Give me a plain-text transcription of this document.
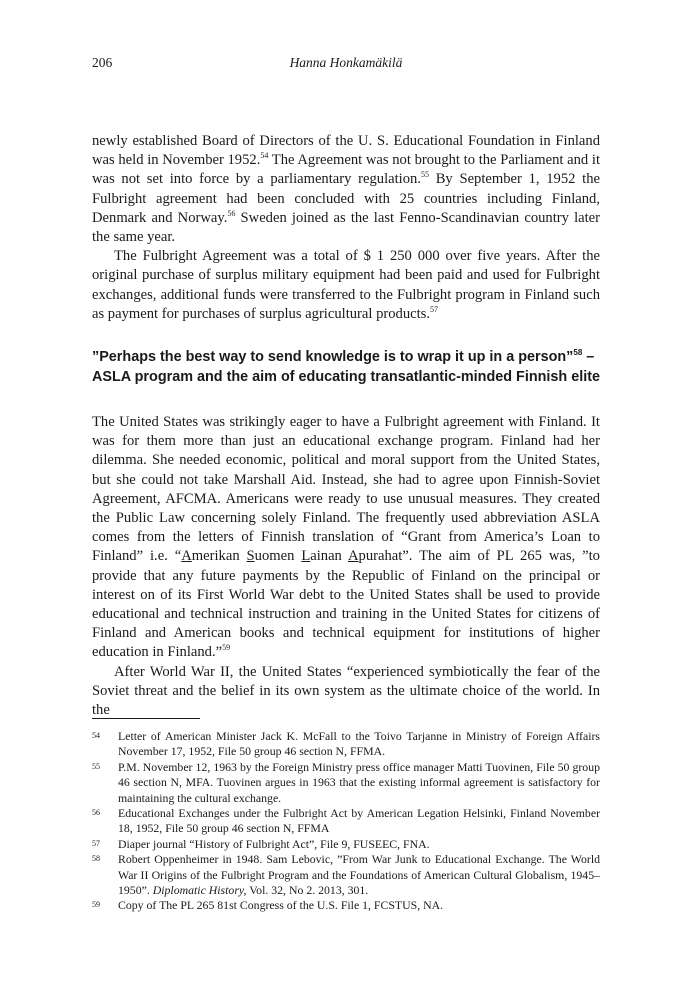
206	Hanna Honkamäkilä

newly established Board of Directors of the U. S. Educational Foundation in Finland was held in November 1952.54 The Agreement was not brought to the Parliament and it was not set into force by a parliamentary regulation.$^{55}$ By September 1, 1952 the Fulbright agreement had been concluded with 25 countries including Finland, Denmark and Norway.$^{56}$ Sweden joined as the last Fenno-Scandinavian country later the same year.

The Fulbright Agreement was a total of $ 1 250 000 over five years. After the original purchase of surplus military equipment had been paid and used for Fulbright exchanges, additional funds were transferred to the Fulbright program in Finland such as payment for purchases of surplus agricultural products.$^{57}$

”Perhaps the best way to send knowledge is to wrap it up in a person”$^{58}$ –
ASLA program and the aim of educating transatlantic-minded Finnish elite

The United States was strikingly eager to have a Fulbright agreement with Finland. It was for them more than just an educational exchange program. Finland had her dilemma. She needed economic, political and moral support from the United States, but she could not take Marshall Aid. Instead, she had to agree upon Finnish-Soviet Agreement, AFCMA. Americans were ready to use unusual measures. They created the Public Law concerning solely Finland. The frequently used abbreviation ASLA comes from the letters of Finnish translation of “Grant from America’s Loan to Finland” i.e. “Amerikan Suomen Lainan Apurahat”. The aim of PL 265 was, ”to provide that any future payments by the Republic of Finland on the principal or interest on of its First World War debt to the United States shall be used to provide educational and technical instruction and training in the United States for citizens of Finland and American books and technical equipment for institutions of higher education in Finland.”$^{59}$

After World War II, the United States “experienced symbiotically the fear of the Soviet threat and the belief in its own system as the ultimate choice of the world. In the

54 Letter of American Minister Jack K. McFall to the Toivo Tarjanne in Ministry of Foreign Affairs November 17, 1952, File 50 group 46 section N, FFMA.

55 P.M. November 12, 1963 by the Foreign Ministry press office manager Matti Tuovinen, File 50 group 46 section N, MFA. Tuovinen argues in 1963 that the existing informal agreement is satisfactory for maintaining the cultural exchange.

56 Educational Exchanges under the Fulbright Act by American Legation Helsinki, Finland November 18, 1952, File 50 group 46 section N, FFMA

57 Diaper journal “History of Fulbright Act”, File 9, FUSEEC, FNA.

58 Robert Oppenheimer in 1948. Sam Lebovic, ”From War Junk to Educational Exchange. The World War II Origins of the Fulbright Program and the Foundations of American Cultural Globalism, 1945–1950”. Diplomatic History, Vol. 32, No 2. 2013, 301.

59 Copy of The PL 265 81st Congress of the U.S. File 1, FCSTUS, NA.
